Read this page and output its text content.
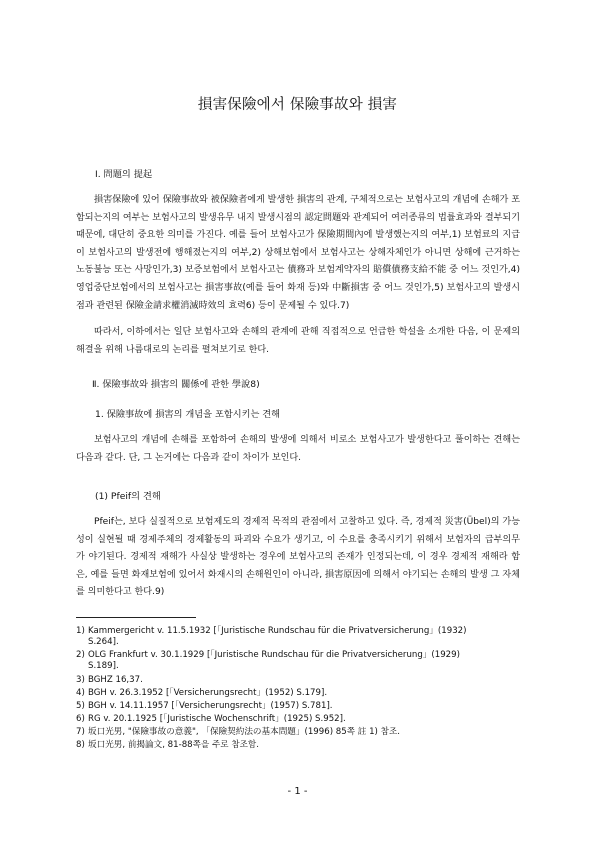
損害保險에서 保險事故와 損害
Ⅰ. 問題의 提起
損害保險에 있어 保險事故와 被保險者에게 발생한 損害의 관계, 구체적으로는 보험사고의 개념에 손해가 포함되는지의 여부는 보험사고의 발생유무 내지 발생시점의 認定問題와 관계되어 여러종류의 법률효과와 결부되기 때문에, 대단히 중요한 의미를 가진다. 예를 들어 보험사고가 保險期間內에 발생했는지의 여부,1) 보험료의 지급이 보험사고의 발생전에 행해졌는지의 여부,2) 상해보험에서 보험사고는 상해자체인가 아니면 상해에 근거하는 노동불능 또는 사망인가,3) 보증보험에서 보험사고는 債務과 보험계약자의 賠償債務支給不能 중 어느 것인가,4) 영업중단보험에서의 보험사고는 損害事故(예를 들어 화재 등)와 中斷損害 중 어느 것인가,5) 보험사고의 발생시점과 관련된 保險金請求權消滅時效의 효력6) 등이 문제될 수 있다.7)
따라서, 이하에서는 일단 보험사고와 손해의 관계에 관해 직접적으로 언급한 학설을 소개한 다음, 이 문제의 해결을 위해 나름대로의 논리를 펼쳐보기로 한다.
Ⅱ. 保險事故와 損害의 關係에 관한 學說8)
1. 保險事故에 損害의 개념을 포함시키는 견해
보험사고의 개념에 손해를 포함하여 손해의 발생에 의해서 비로소 보험사고가 발생한다고 풀이하는 견해는 다음과 같다. 단, 그 논거에는 다음과 같이 차이가 보인다.
(1) Pfeif의 견해
Pfeif는, 보다 실질적으로 보험제도의 경제적 목적의 관점에서 고찰하고 있다. 즉, 경제적 災害(Übel)의 가능성이 실현될 때 경제주체의 경제활동의 파괴와 수요가 생기고, 이 수요를 충족시키기 위해서 보험자의 급부의무가 야기된다. 경제적 재해가 사실상 발생하는 경우에 보험사고의 존재가 인정되는데, 이 경우 경제적 재해라 함은, 예를 들면 화재보험에 있어서 화재시의 손해원인이 아니라, 損害原因에 의해서 야기되는 손해의 발생 그 자체를 의미한다고 한다.9)
1) Kammergericht v. 11.5.1932 [「Juristische Rundschau für die Privatversicherung」(1932)
S.264].
2) OLG Frankfurt v. 30.1.1929 [「Juristische Rundschau für die Privatversicherung」(1929)
S.189].
3) BGHZ 16,37.
4) BGH v. 26.3.1952 [「Versicherungsrecht」(1952) S.179].
5) BGH v. 14.11.1957 [「Versicherungsrecht」(1957) S.781].
6) RG v. 20.1.1925 [「Juristische Wochenschrift」(1925) S.952].
7) 坂口光男, "保險事故の意義", 「保險契約法の基本問題」(1996) 85쪽 註 1) 참조.
8) 坂口光男, 前揭論文, 81-88쪽을 주로 참조함.
- 1 -
